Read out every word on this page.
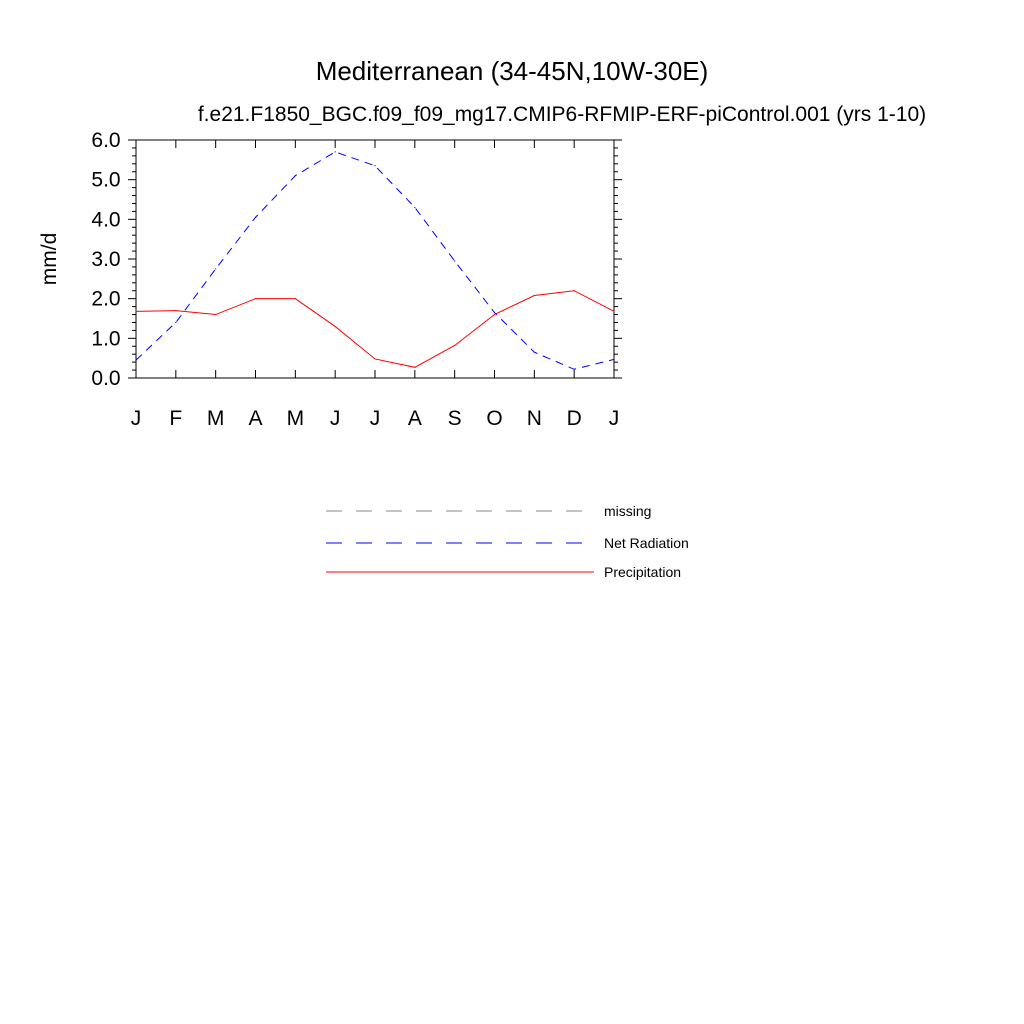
Mediterranean (34-45N,10W-30E)
f.e21.F1850_BGC.f09_f09_mg17.CMIP6-RFMIP-ERF-piControl.001 (yrs 1-10)
mm/d
0.0
1.0
2.0
3.0
4.0
5.0
6.0
J F M A M J J A S O N D J
missing
Net Radiation
Precipitation
